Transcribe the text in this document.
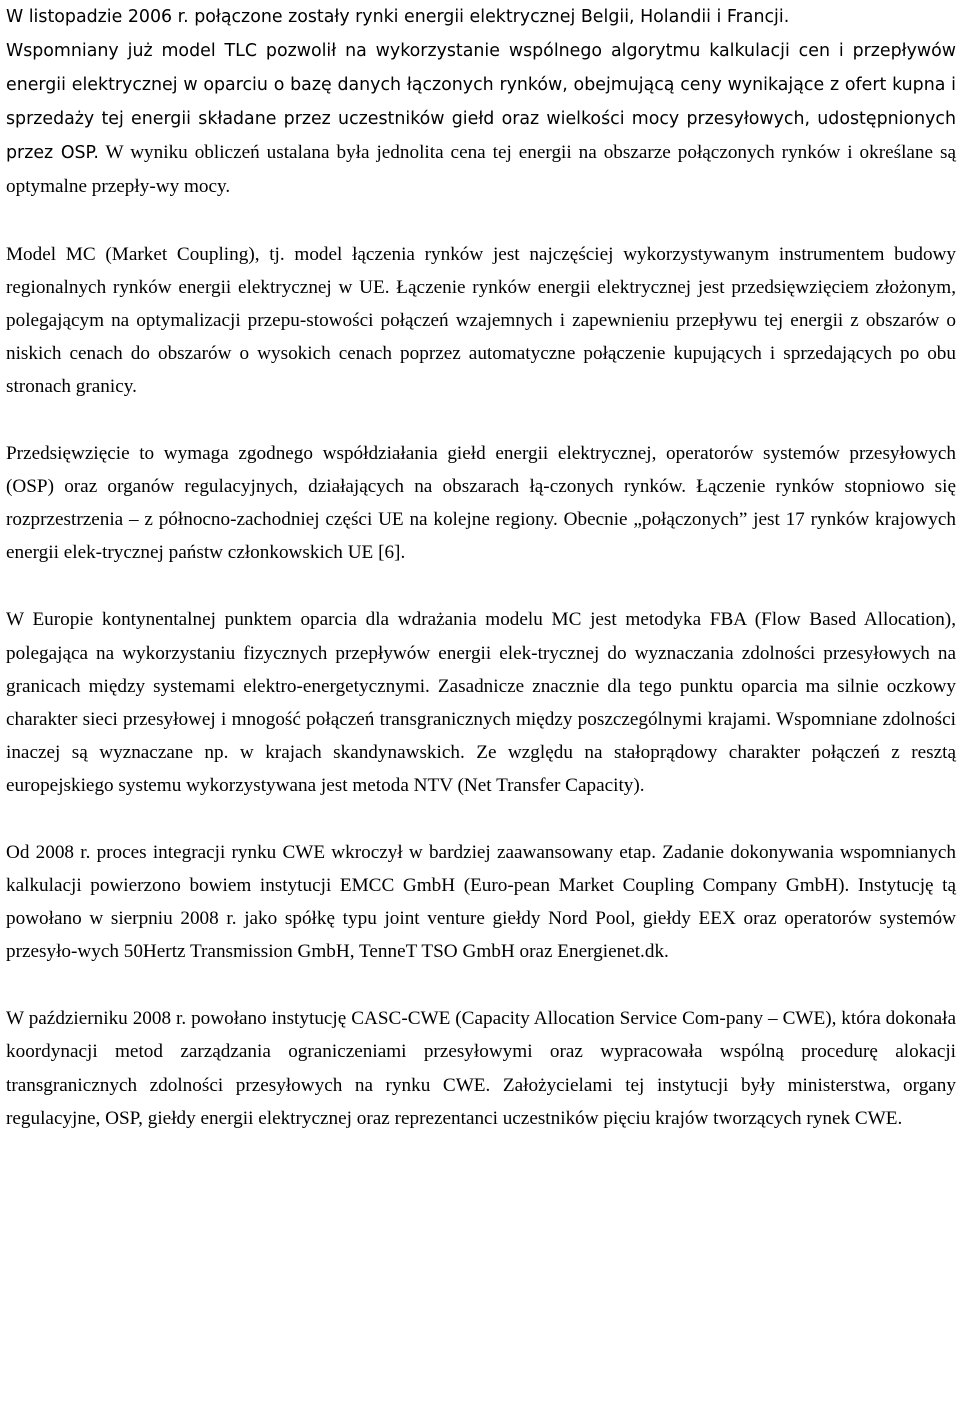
W listopadzie 2006 r. połączone zostały rynki energii elektrycznej Belgii, Holandii i Francji.
Wspomniany już model TLC pozwolił na wykorzystanie wspólnego algorytmu kalkulacji cen i przepływów energii elektrycznej w oparciu o bazę danych łączonych rynków, obejmującą ceny wynikające z ofert kupna i sprzedaży tej energii składane przez uczestników giełd oraz wielkości mocy przesyłowych, udostępnionych przez OSP. W wyniku obliczeń ustalana była jednolita cena tej energii na obszarze połączonych rynków i określane są optymalne przepły-wy mocy.

Model MC (Market Coupling), tj. model łączenia rynków jest najczęściej wykorzystywanym instrumentem budowy regionalnych rynków energii elektrycznej w UE. Łączenie rynków energii elektrycznej jest przedsięwzięciem złożonym, polegającym na optymalizacji przepu-stowości połączeń wzajemnych i zapewnieniu przepływu tej energii z obszarów o niskich cenach do obszarów o wysokich cenach poprzez automatyczne połączenie kupujących i sprzedających po obu stronach granicy.

Przedsięwzięcie to wymaga zgodnego współdziałania giełd energii elektrycznej, operatorów systemów przesyłowych (OSP) oraz organów regulacyjnych, działających na obszarach łą-czonych rynków. Łączenie rynków stopniowo się rozprzestrzenia – z północno-zachodniej części UE na kolejne regiony. Obecnie „połączonych” jest 17 rynków krajowych energii elek-trycznej państw członkowskich UE [6].

W Europie kontynentalnej punktem oparcia dla wdrażania modelu MC jest metodyka FBA (Flow Based Allocation), polegająca na wykorzystaniu fizycznych przepływów energii elek-trycznej do wyznaczania zdolności przesyłowych na granicach między systemami elektro-energetycznymi. Zasadnicze znacznie dla tego punktu oparcia ma silnie oczkowy charakter sieci przesyłowej i mnogość połączeń transgranicznych między poszczególnymi krajami. Wspomniane zdolności inaczej są wyznaczane np. w krajach skandynawskich. Ze względu na stałoprądowy charakter połączeń z resztą europejskiego systemu wykorzystywana jest metoda NTV (Net Transfer Capacity).

Od 2008 r. proces integracji rynku CWE wkroczył w bardziej zaawansowany etap. Zadanie dokonywania wspomnianych kalkulacji powierzono bowiem instytucji EMCC GmbH (Euro-pean Market Coupling Company GmbH). Instytucję tą powołano w sierpniu 2008 r. jako spółkę typu joint venture giełdy Nord Pool, giełdy EEX oraz operatorów systemów przesyło-wych 50Hertz Transmission GmbH, TenneT TSO GmbH oraz Energienet.dk.

W październiku 2008 r. powołano instytucję CASC-CWE (Capacity Allocation Service Com-pany – CWE), która dokonała koordynacji metod zarządzania ograniczeniami przesyłowymi oraz wypracowała wspólną procedurę alokacji transgranicznych zdolności przesyłowych na rynku CWE. Założycielami tej instytucji były ministerstwa, organy regulacyjne, OSP, giełdy energii elektrycznej oraz reprezentanci uczestników pięciu krajów tworzących rynek CWE.
